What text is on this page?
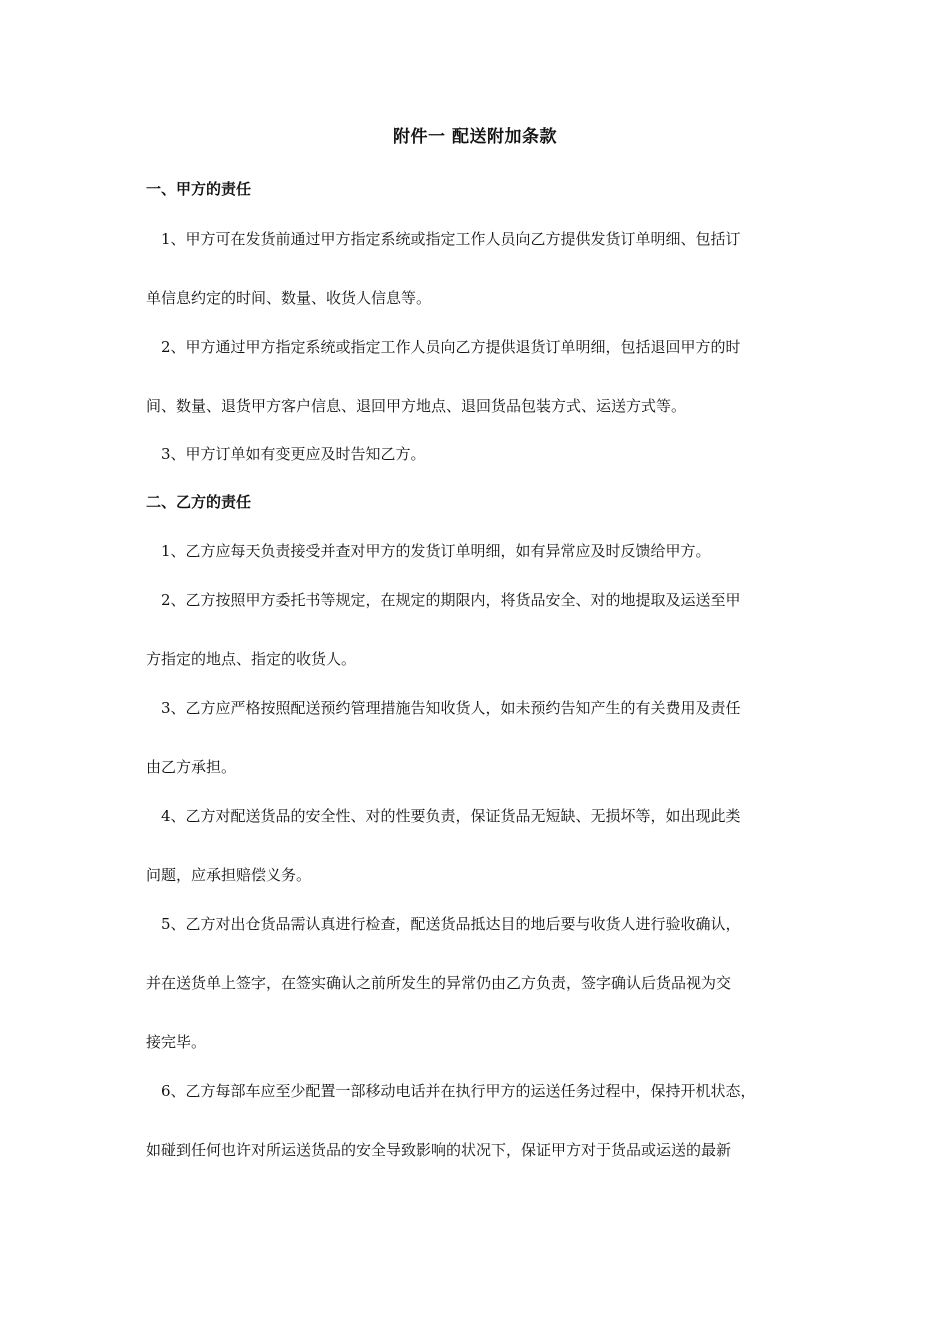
附件一 配送附加条款
一、甲方的责任

1、甲方可在发货前通过甲方指定系统或指定工作人员向乙方提供发货订单明细、包括订

单信息约定的时间、数量、收货人信息等。

2、甲方通过甲方指定系统或指定工作人员向乙方提供退货订单明细，包括退回甲方的时

间、数量、退货甲方客户信息、退回甲方地点、退回货品包装方式、运送方式等。

3、甲方订单如有变更应及时告知乙方。

二、乙方的责任

1、乙方应每天负责接受并查对甲方的发货订单明细，如有异常应及时反馈给甲方。

2、乙方按照甲方委托书等规定，在规定的期限内，将货品安全、对的地提取及运送至甲

方指定的地点、指定的收货人。

3、乙方应严格按照配送预约管理措施告知收货人，如未预约告知产生的有关费用及责任

由乙方承担。

4、乙方对配送货品的安全性、对的性要负责，保证货品无短缺、无损坏等，如出现此类

问题，应承担赔偿义务。

5、乙方对出仓货品需认真进行检查，配送货品抵达目的地后要与收货人进行验收确认，

并在送货单上签字，在签实确认之前所发生的异常仍由乙方负责，签字确认后货品视为交

接完毕。

6、乙方每部车应至少配置一部移动电话并在执行甲方的运送任务过程中，保持开机状态，

如碰到任何也许对所运送货品的安全导致影响的状况下，保证甲方对于货品或运送的最新
